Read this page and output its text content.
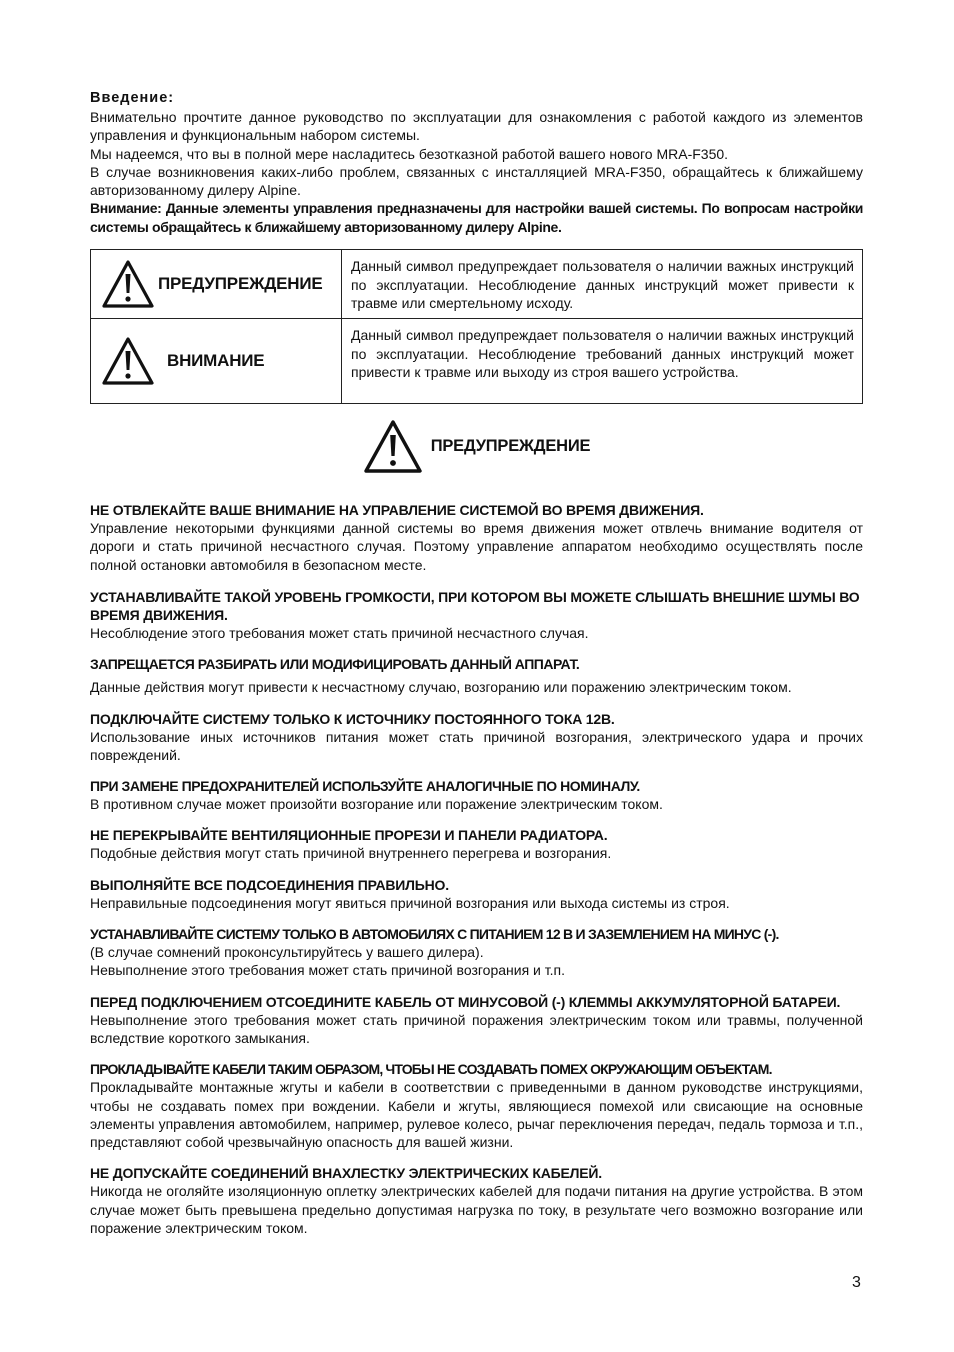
Введение:

Внимательно прочтите данное руководство по эксплуатации для ознакомления с работой каждого из элементов управления и функциональным набором системы.

Мы надеемся, что вы в полной мере насладитесь безотказной работой вашего нового MRA-F350.

В случае возникновения каких-либо проблем, связанных с инсталляцией MRA-F350, обращайтесь к ближайшему авторизованному дилеру Alpine.

Внимание: Данные элементы управления предназначены для настройки вашей системы. По вопросам настройки системы обращайтесь к ближайшему авторизованному дилеру Alpine.

ПРЕДУПРЕЖДЕНИЕ	Данный символ предупреждает пользователя о наличии важных инструкций по эксплуатации. Несоблюдение данных инструкций может привести к травме или смертельному исходу.

ВНИМАНИЕ	Данный символ предупреждает пользователя о наличии важных инструкций по эксплуатации. Несоблюдение требований данных инструкций может привести к травме или выходу из строя вашего устройства.
ПРЕДУПРЕЖДЕНИЕ

НЕ ОТВЛЕКАЙТЕ ВАШЕ ВНИМАНИЕ НА УПРАВЛЕНИЕ СИСТЕМОЙ ВО ВРЕМЯ ДВИЖЕНИЯ.

Управление некоторыми функциями данной системы во время движения может отвлечь внимание водителя от дороги и стать причиной несчастного случая. Поэтому управление аппаратом необходимо осуществлять после полной остановки автомобиля в безопасном месте.

УСТАНАВЛИВАЙТЕ ТАКОЙ УРОВЕНЬ ГРОМКОСТИ, ПРИ КОТОРОМ ВЫ МОЖЕТЕ СЛЫШАТЬ ВНЕШНИЕ ШУМЫ ВО ВРЕМЯ ДВИЖЕНИЯ.

Несоблюдение этого требования может стать причиной несчастного случая.

ЗАПРЕЩАЕТСЯ РАЗБИРАТЬ ИЛИ МОДИФИЦИРОВАТЬ ДАННЫЙ АППАРАТ.

Данные действия могут привести к несчастному случаю, возгоранию или поражению электрическим током.

ПОДКЛЮЧАЙТЕ СИСТЕМУ ТОЛЬКО К ИСТОЧНИКУ ПОСТОЯННОГО ТОКА 12В.

Использование иных источников питания может стать причиной возгорания, электрического удара и прочих повреждений.

ПРИ ЗАМЕНЕ ПРЕДОХРАНИТЕЛЕЙ ИСПОЛЬЗУЙТЕ АНАЛОГИЧНЫЕ ПО НОМИНАЛУ.

В противном случае может произойти возгорание или поражение электрическим током.

НЕ ПЕРЕКРЫВАЙТЕ ВЕНТИЛЯЦИОННЫЕ ПРОРЕЗИ И ПАНЕЛИ РАДИАТОРА.

Подобные действия могут стать причиной внутреннего перегрева и возгорания.

ВЫПОЛНЯЙТЕ ВСЕ ПОДСОЕДИНЕНИЯ ПРАВИЛЬНО.

Неправильные подсоединения могут явиться причиной возгорания или выхода системы из строя.

УСТАНАВЛИВАЙТЕ СИСТЕМУ ТОЛЬКО В АВТОМОБИЛЯХ С ПИТАНИЕМ 12 В И ЗАЗЕМЛЕНИЕМ НА МИНУС (-).

(В случае сомнений проконсультируйтесь у вашего дилера).

Невыполнение этого требования может стать причиной возгорания и т.п.

ПЕРЕД ПОДКЛЮЧЕНИЕМ ОТСОЕДИНИТЕ КАБЕЛЬ ОТ МИНУСОВОЙ (-) КЛЕММЫ АККУМУЛЯТОРНОЙ БАТАРЕИ.

Невыполнение этого требования может стать причиной поражения электрическим током или травмы, полученной вследствие короткого замыкания.

ПРОКЛАДЫВАЙТЕ КАБЕЛИ ТАКИМ ОБРАЗОМ, ЧТОБЫ НЕ СОЗДАВАТЬ ПОМЕХ ОКРУЖАЮЩИМ ОБЪЕКТАМ.

Прокладывайте монтажные жгуты и кабели в соответствии с приведенными в данном руководстве инструкциями, чтобы не создавать помех при вождении. Кабели и жгуты, являющиеся помехой или свисающие на основные элементы управления автомобилем, например, рулевое колесо, рычаг переключения передач, педаль тормоза и т.п., представляют собой чрезвычайную опасность для вашей жизни.

НЕ ДОПУСКАЙТЕ СОЕДИНЕНИЙ ВНАХЛЕСТКУ ЭЛЕКТРИЧЕСКИХ КАБЕЛЕЙ.

Никогда не оголяйте изоляционную оплетку электрических кабелей для подачи питания на другие устройства. В этом случае может быть превышена предельно допустимая нагрузка по току, в результате чего возможно возгорание или поражение электрическим током.

3
